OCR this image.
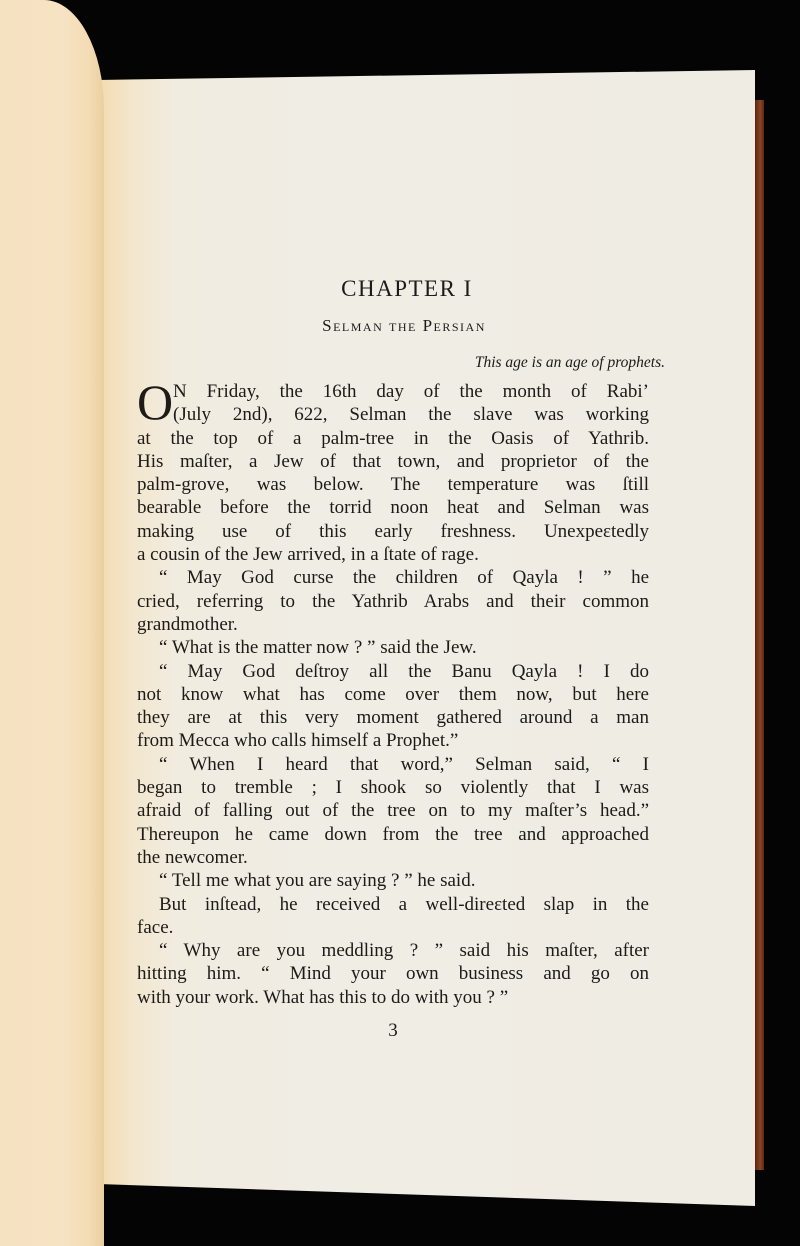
CHAPTER I
Selman the Persian
This age is an age of prophets.
O N Friday, the 16th day of the month of Rabi’
(July 2nd), 622, Selman the slave was working
at the top of a palm-tree in the Oasis of Yathrib.
His maſter, a Jew of that town, and proprietor of the
palm-grove, was below. The temperature was ſtill
bearable before the torrid noon heat and Selman was
making use of this early freshness. Unexpeɛtedly
a cousin of the Jew arrived, in a ſtate of rage.
“ May God curse the children of Qayla ! ” he
cried, referring to the Yathrib Arabs and their common
grandmother.
“ What is the matter now ? ” said the Jew.
“ May God deſtroy all the Banu Qayla ! I do
not know what has come over them now, but here
they are at this very moment gathered around a man
from Mecca who calls himself a Prophet.”
“ When I heard that word,” Selman said, “ I
began to tremble ; I shook so violently that I was
afraid of falling out of the tree on to my maſter’s head.”
Thereupon he came down from the tree and approached
the newcomer.
“ Tell me what you are saying ? ” he said.
But inſtead, he received a well-direɛted slap in the
face.
“ Why are you meddling ? ” said his maſter, after
hitting him. “ Mind your own business and go on
with your work. What has this to do with you ? ”
3
